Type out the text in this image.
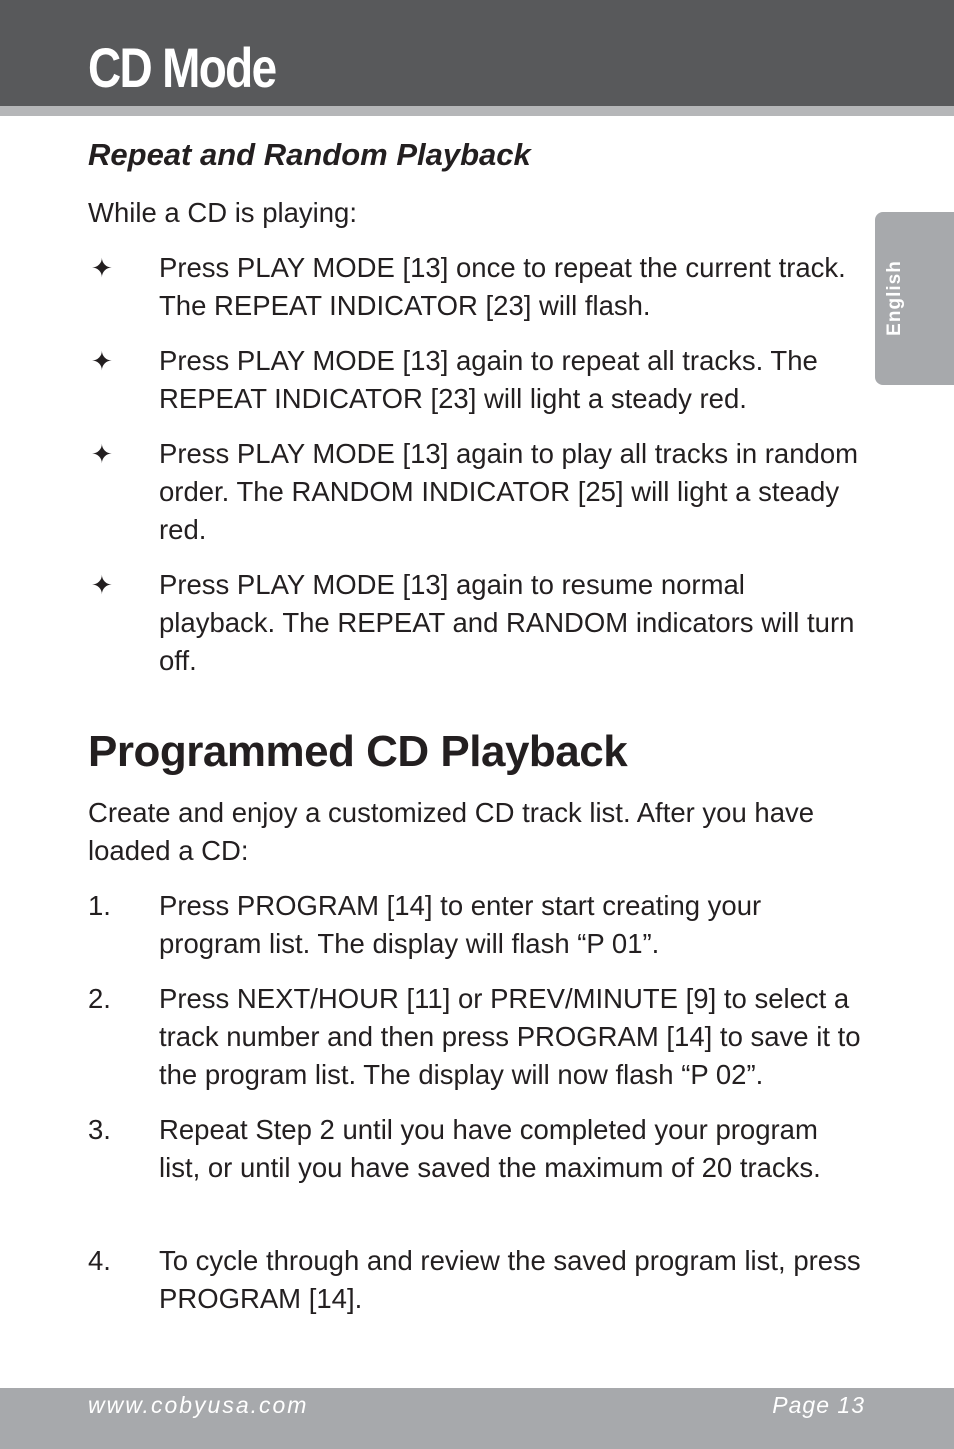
CD Mode
English
Repeat and Random Playback

While a CD is playing:

✦ Press PLAY MODE [13] once to repeat the current track. The REPEAT INDICATOR [23] will flash.

✦ Press PLAY MODE [13] again to repeat all tracks. The REPEAT INDICATOR [23] will light a steady red.

✦ Press PLAY MODE [13] again to play all tracks in random order. The RANDOM INDICATOR [25] will light a steady red.

✦ Press PLAY MODE [13] again to resume normal playback. The REPEAT and RANDOM indicators will turn off.

Programmed CD Playback

Create and enjoy a customized CD track list. After you have loaded a CD:

1. Press PROGRAM [14] to enter start creating your program list. The display will flash “P 01”.

2. Press NEXT/HOUR [11] or PREV/MINUTE [9] to select a track number and then press PROGRAM [14] to save it to the program list. The display will now flash “P 02”.

3. Repeat Step 2 until you have completed your program list, or until you have saved the maximum of 20 tracks.

4. To cycle through and review the saved program list, press PROGRAM [14].

www.cobyusa.com	Page 13
